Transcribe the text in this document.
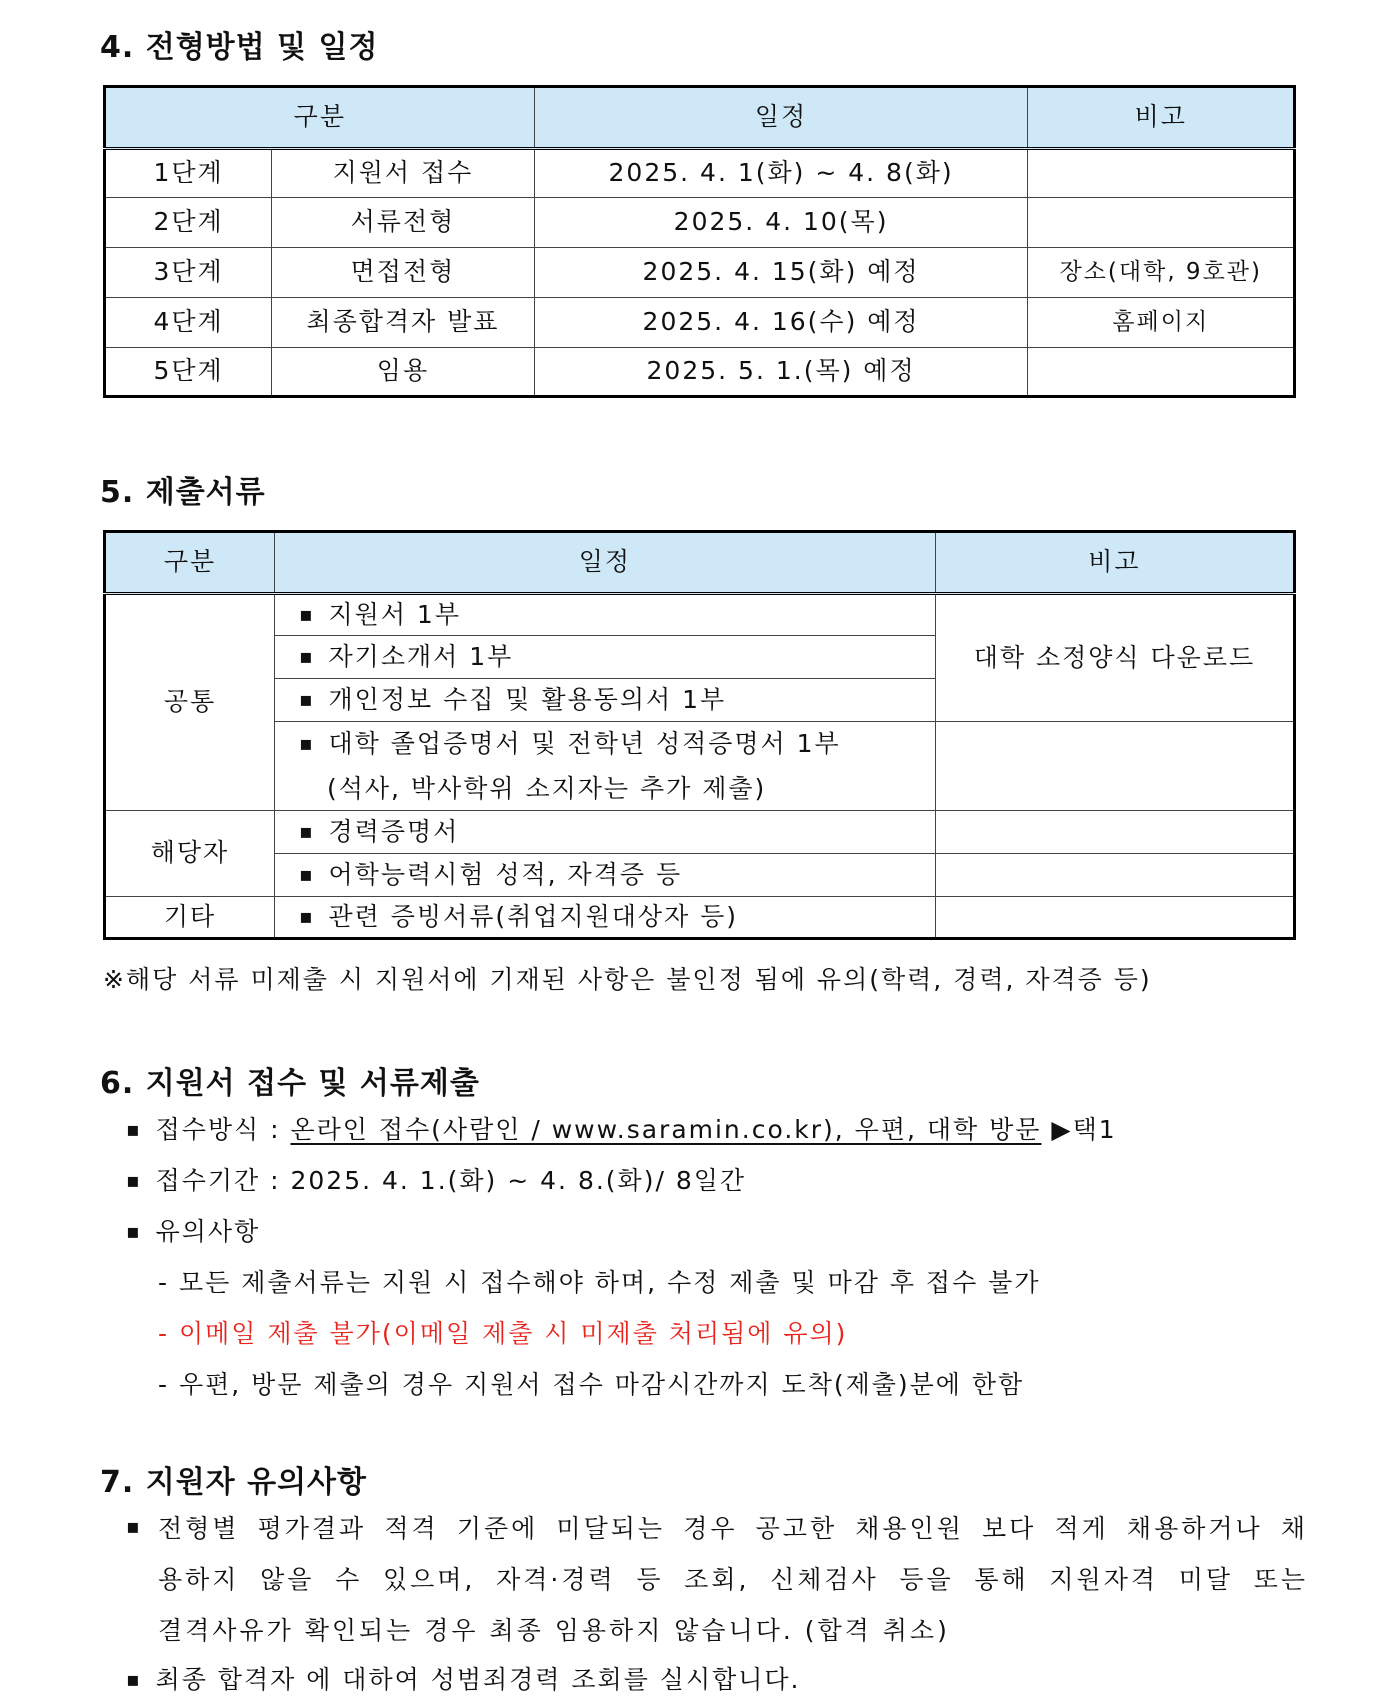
4. 전형방법 및 일정
구분		일정	비고
1단계	지원서 접수	2025. 4. 1(화) ~ 4. 8(화)	
2단계	서류전형	2025. 4. 10(목)	
3단계	면접전형	2025. 4. 15(화) 예정	장소(대학, 9호관)
4단계	최종합격자 발표	2025. 4. 16(수) 예정	홈페이지
5단계	임용	2025. 5. 1.(목) 예정	
5. 제출서류
구분	일정	비고
공통	▪ 지원서 1부	대학 소정양식 다운로드
	▪ 자기소개서 1부
	▪ 개인정보 수집 및 활용동의서 1부
	▪ 대학 졸업증명서 및 전학년 성적증명서 1부
(석사, 박사학위 소지자는 추가 제출)	
해당자	▪ 경력증명서	
	▪ 어학능력시험 성적, 자격증 등	
기타	▪ 관련 증빙서류(취업지원대상자 등)	
※해당 서류 미제출 시 지원서에 기재된 사항은 불인정 됨에 유의(학력, 경력, 자격증 등)
6. 지원서 접수 및 서류제출
▪ 접수방식 : 온라인 접수(사람인 / www.saramin.co.kr), 우편, 대학 방문 ▶택1
▪ 접수기간 : 2025. 4. 1.(화) ~ 4. 8.(화)/ 8일간
▪ 유의사항
- 모든 제출서류는 지원 시 접수해야 하며, 수정 제출 및 마감 후 접수 불가
- 이메일 제출 불가(이메일 제출 시 미제출 처리됨에 유의)
- 우편, 방문 제출의 경우 지원서 접수 마감시간까지 도착(제출)분에 한함
7. 지원자 유의사항
▪ 전형별 평가결과 적격 기준에 미달되는 경우 공고한 채용인원 보다 적게 채용하거나 채
용하지 않을 수 있으며, 자격·경력 등 조회, 신체검사 등을 통해 지원자격 미달 또는
결격사유가 확인되는 경우 최종 임용하지 않습니다. (합격 취소)
▪ 최종 합격자 에 대하여 성범죄경력 조회를 실시합니다.
